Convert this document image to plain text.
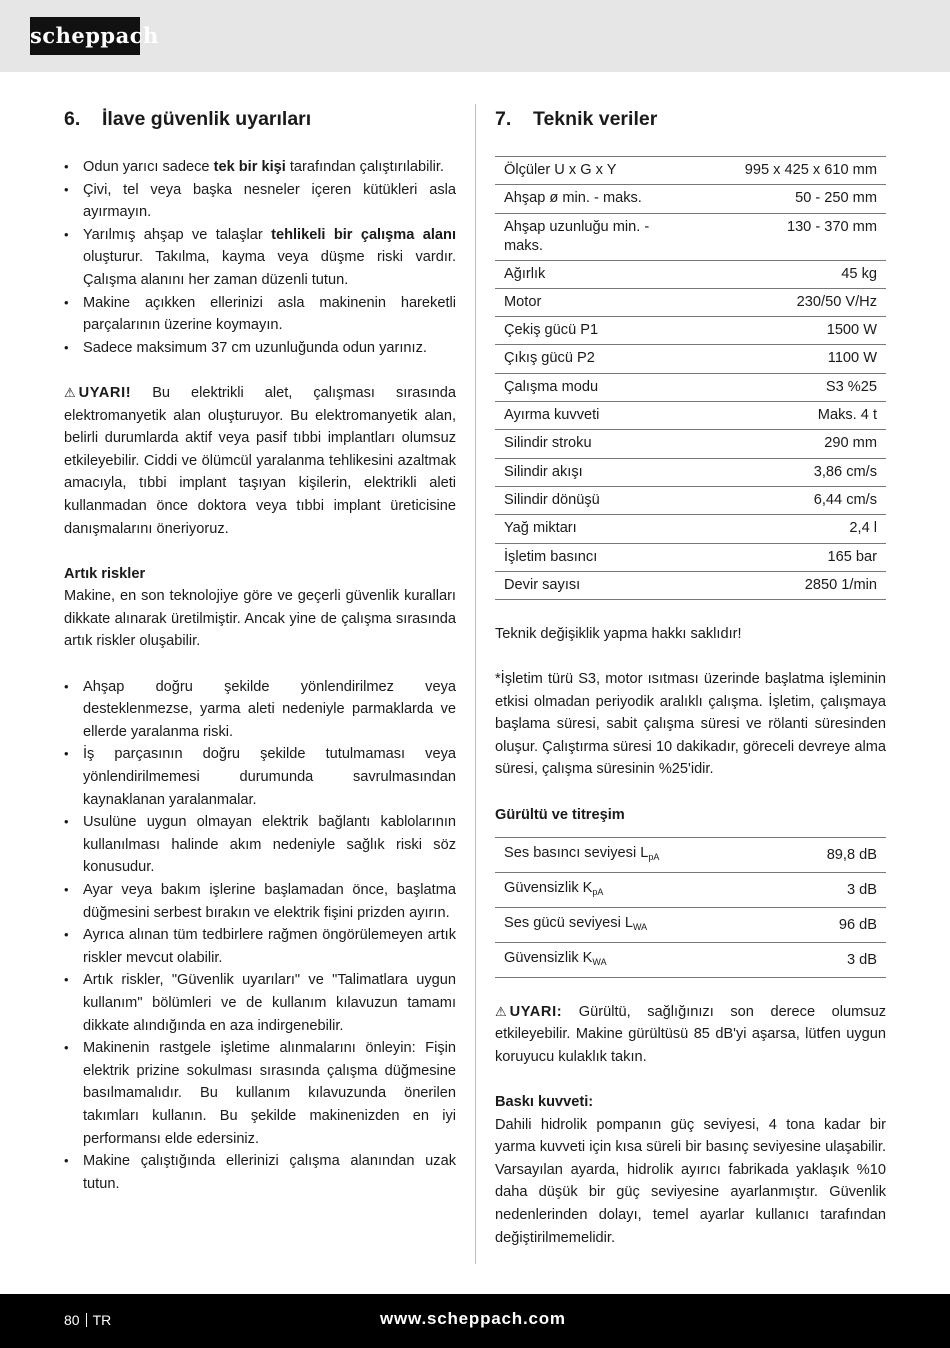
scheppach
6. İlave güvenlik uyarıları
• Odun yarıcı sadece tek bir kişi tarafından çalıştırılabilir.
• Çivi, tel veya başka nesneler içeren kütükleri asla ayırmayın.
• Yarılmış ahşap ve talaşlar tehlikeli bir çalışma alanı oluşturur. Takılma, kayma veya düşme riski vardır. Çalışma alanını her zaman düzenli tutun.
• Makine açıkken ellerinizi asla makinenin hareketli parçalarının üzerine koymayın.
• Sadece maksimum 37 cm uzunluğunda odun yarınız.

⚠ UYARI! Bu elektrikli alet, çalışması sırasında elektromanyetik alan oluşturuyor. Bu elektromanyetik alan, belirli durumlarda aktif veya pasif tıbbi implantları olumsuz etkileyebilir. Ciddi ve ölümcül yaralanma tehlikesini azaltmak amacıyla, tıbbi implant taşıyan kişilerin, elektrikli aleti kullanmadan önce doktora veya tıbbi implant üreticisine danışmalarını öneriyoruz.

Artık riskler

Makine, en son teknolojiye göre ve geçerli güvenlik kuralları dikkate alınarak üretilmiştir. Ancak yine de çalışma sırasında artık riskler oluşabilir.

• Ahşap doğru şekilde yönlendirilmez veya desteklenmezse, yarma aleti nedeniyle parmaklarda ve ellerde yaralanma riski.
• İş parçasının doğru şekilde tutulmaması veya yönlendirilmemesi durumunda savrulmasından kaynaklanan yaralanmalar.
• Usulüne uygun olmayan elektrik bağlantı kablolarının kullanılması halinde akım nedeniyle sağlık riski söz konusudur.
• Ayar veya bakım işlerine başlamadan önce, başlatma düğmesini serbest bırakın ve elektrik fişini prizden ayırın.
• Ayrıca alınan tüm tedbirlere rağmen öngörülemeyen artık riskler mevcut olabilir.
• Artık riskler, "Güvenlik uyarıları" ve "Talimatlara uygun kullanım" bölümleri ve de kullanım kılavuzun tamamı dikkate alındığında en aza indirgenebilir.
• Makinenin rastgele işletime alınmalarını önleyin: Fişin elektrik prizine sokulması sırasında çalışma düğmesine basılmamalıdır. Bu kullanım kılavuzunda önerilen takımları kullanın. Bu şekilde makinenizden en iyi performansı elde edersiniz.
• Makine çalıştığında ellerinizi çalışma alanından uzak tutun.
7. Teknik veriler
Ölçüler U x G x Y	995 x 425 x 610 mm
Ahşap ø min. - maks.	50 - 250 mm
Ahşap uzunluğu min. - maks.	130 - 370 mm
Ağırlık	45 kg
Motor	230/50 V/Hz
Çekiş gücü P1	1500 W
Çıkış gücü P2	1100 W
Çalışma modu	S3 %25
Ayırma kuvveti	Maks. 4 t
Silindir stroku	290 mm
Silindir akışı	3,86 cm/s
Silindir dönüşü	6,44 cm/s
Yağ miktarı	2,4 l
İşletim basıncı	165 bar
Devir sayısı	2850 1/min

Teknik değişiklik yapma hakkı saklıdır!

*İşletim türü S3, motor ısıtması üzerinde başlatma işleminin etkisi olmadan periyodik aralıklı çalışma. İşletim, çalışmaya başlama süresi, sabit çalışma süresi ve rölanti süresinden oluşur. Çalıştırma süresi 10 dakikadır, göreceli devreye alma süresi, çalışma süresinin %25'idir.

Gürültü ve titreşim

Ses basıncı seviyesi $L_{pA}$	89,8 dB
Güvensizlik $K_{pA}$	3 dB
Ses gücü seviyesi $L_{WA}$	96 dB
Güvensizlik $K_{WA}$	3 dB

⚠ UYARI: Gürültü, sağlığınızı son derece olumsuz etkileyebilir. Makine gürültüsü 85 dB'yi aşarsa, lütfen uygun koruyucu kulaklık takın.

Baskı kuvveti:

Dahili hidrolik pompanın güç seviyesi, 4 tona kadar bir yarma kuvveti için kısa süreli bir basınç seviyesine ulaşabilir. Varsayılan ayarda, hidrolik ayırıcı fabrikada yaklaşık %10 daha düşük bir güç seviyesine ayarlanmıştır. Güvenlik nedenlerinden dolayı, temel ayarlar kullanıcı tarafından değiştirilmemelidir.

80 TR	www.scheppach.com
